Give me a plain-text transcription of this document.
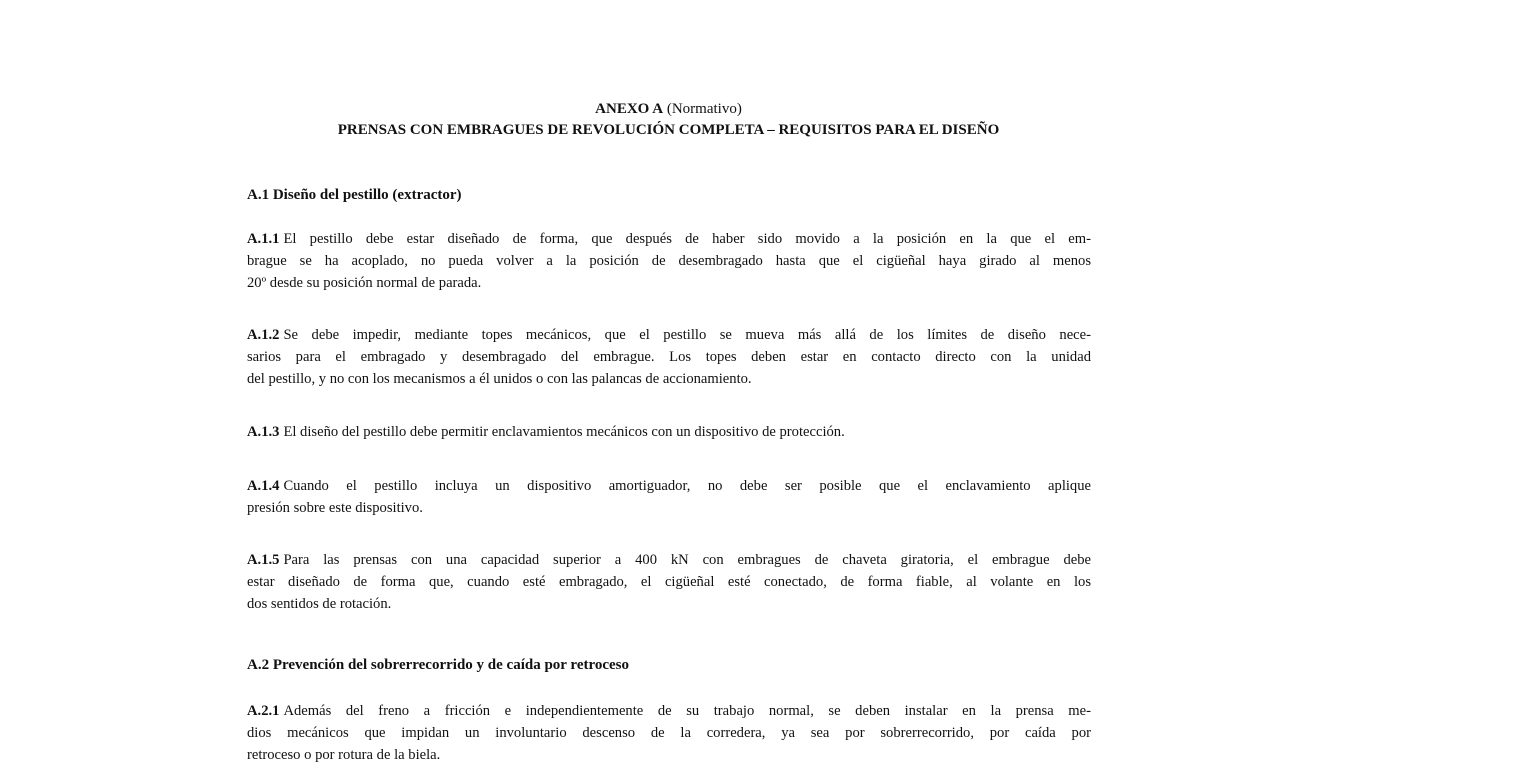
ANEXO A (Normativo)
PRENSAS CON EMBRAGUES DE REVOLUCIÓN COMPLETA – REQUISITOS PARA EL DISEÑO
A.1 Diseño del pestillo (extractor)
A.1.1 El pestillo debe estar diseñado de forma, que después de haber sido movido a la posición en la que el em-
brague se ha acoplado, no pueda volver a la posición de desembragado hasta que el cigüeñal haya girado al menos
20º desde su posición normal de parada.
A.1.2 Se debe impedir, mediante topes mecánicos, que el pestillo se mueva más allá de los límites de diseño nece-
sarios para el embragado y desembragado del embrague. Los topes deben estar en contacto directo con la unidad
del pestillo, y no con los mecanismos a él unidos o con las palancas de accionamiento.
A.1.3 El diseño del pestillo debe permitir enclavamientos mecánicos con un dispositivo de protección.
A.1.4 Cuando el pestillo incluya un dispositivo amortiguador, no debe ser posible que el enclavamiento aplique
presión sobre este dispositivo.
A.1.5 Para las prensas con una capacidad superior a 400 kN con embragues de chaveta giratoria, el embrague debe
estar diseñado de forma que, cuando esté embragado, el cigüeñal esté conectado, de forma fiable, al volante en los
dos sentidos de rotación.
A.2 Prevención del sobrerrecorrido y de caída por retroceso
A.2.1 Además del freno a fricción e independientemente de su trabajo normal, se deben instalar en la prensa me-
dios mecánicos que impidan un involuntario descenso de la corredera, ya sea por sobrerrecorrido, por caída por
retroceso o por rotura de la biela.
